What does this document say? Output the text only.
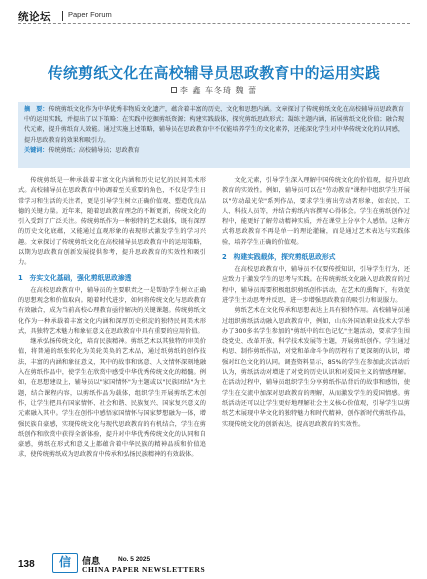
统论坛 Paper Forum
传统剪纸文化在高校辅导员思政教育中的运用实践
李 鑫 车冬琦 魏 蕾
摘　要：传统剪纸文化作为中华优秀非物质文化遗产，蕴含着丰富的历史、文化和思想内涵。文章探讨了传统剪纸文化在高校辅导员思政教育中的运用实践，并提出了以下策略：在实践中挖掘剪纸资源；构建实践载体，探究剪纸思政形式；凝练主题内涵，拓展剪纸文化价值；融合现代元素，提升剪纸育人效能。通过实施上述策略，辅导员在思政教育中不仅能培养学生的文化素养，还能深化学生对中华传统文化的认同感，提升思政教育的效果和吸引力。
关键词：传统剪纸；高校辅导员；思政教育

传统剪纸是一种承载着丰富文化内涵和历史记忆的民间美术形式。高校辅导员在思政教育中协调着至关重要的角色，不仅是学生日常学习和生活的关注者，更是引导学生树立正确价值观、塑造优良品德的关键力量。近年来，随着思政教育理念的不断更新，传统文化的引入受到了广泛关注。传统剪纸作为一种独特的艺术载体，既有深厚的历史文化底蕴，又能通过直观形象的表现形式激发学生的学习兴趣。文章探讨了传统剪纸文化在高校辅导员思政教育中的运用策略，以期为思政教育创新发展提供参考，提升思政教育的实效性和吸引力。

1　夯实文化基础，强化剪纸思政渗透

在高校思政教育中，辅导员的主要职责之一是帮助学生树立正确的思想观念和价值取向。随着时代进步，如何将传统文化与思政教育有效融合，成为当前高校心理教育亟待解决的关键课题。传统剪纸文化作为一种承载着丰富文化内涵和深厚历史积淀的独特民间美术形式，具独特艺术魅力和象征意义在思政教育中具有重要的应用价值。

继承弘扬传统文化，培育民族精神。剪纸艺术以其独特的审美价值，将普通的纸张转化为美轮美奂的艺术品，通过纸剪纸的创作技法，丰富的内涵和象征意义，其中的故事和寓意、人文情怀深刻地融入在剪纸作品中，使学生在欣赏中感受中华优秀传统文化的精髓。例如，在思想建设上，辅导员以"家国情怀"为主题或以"民族团结"为主题，结合课程内容，以剪纸作品为载体，组织学生开展剪纸艺术创作，让学生把具有国家情怀、社会和谐、民族复兴、国家复兴意义的元素融入其中。学生在创作中感悟家国情怀与国家梦想融为一体，增强民族自豪感，实现传统文化与现代思政教育的有机结合，学生在剪纸创作和欣赏中获得全新体验，提升对中华优秀传统文化的认同和自豪感，剪纸在形式和意义上都蕴含着中华民族的精神品质和价值追求，使传统剪纸成为思政教育中传承和弘扬民族精神的有效载体。

文化元素，引导学生深入理解中国传统文化的价值观，提升思政教育的实效性。例如，辅导员可以在"劳动教育"课程中组织学生开展以"劳动最光荣"系列作品，要求学生剪出劳动者形象，如农民、工人、科技人员等，并结合剪纸内容撰写心得体会。学生在剪纸创作过程中，能更好了解劳动精神实质，并在课堂上分享个人感悟。这种方式将思政教育不再是单一的理论灌输，而是通过艺术表达与实践体验，培养学生正确的价值观。

2　构建实践载体，探究剪纸思政形式

在高校思政教育中，辅导员不仅要传授知识，引导学生行为，还应致力于激发学生的思考与实践。在传统剪纸文化融入思政教育的过程中，辅导员需要积极组织剪纸创作活动，在艺术的熏陶下，有效促进学生主动思考并反思，进一步增强思政教育的吸引力和说服力。

剪纸艺术在文化传承和思想表达上具有独特作用。高校辅导员通过组织剪纸活动融入思政教育中，例如，山东外国语职业技术大学举办了300多名学生参加的"剪纸中的红色记忆"主题活动，要求学生围绕党史、改革开放、科学技术发展等主题，开展剪纸创作。学生通过构思、制作剪纸作品，对党和革命斗争的历程有了更深刻的认识，增强对红色文化的认同。调查资料显示，85%的学生在参加此次活动后认为，剪纸活动对增进了对党的历史认识和对爱国主义的情感理解。在活动过程中，辅导员组织学生分享剪纸作品背后的故事和感悟，使学生在交流中加深对思政教育的理解，从而激发学生的爱国情感。剪纸活动还可以让学生更好地理解社会主义核心价值观，引导学生以剪纸艺术展现中华文化的独特魅力和时代精神，创作新时代剪纸作品，实现传统文化的创新表达，提高思政教育的实效性。

138	信	信息	No. 5 2025
CHINA PAPER NEWSLETTERS
